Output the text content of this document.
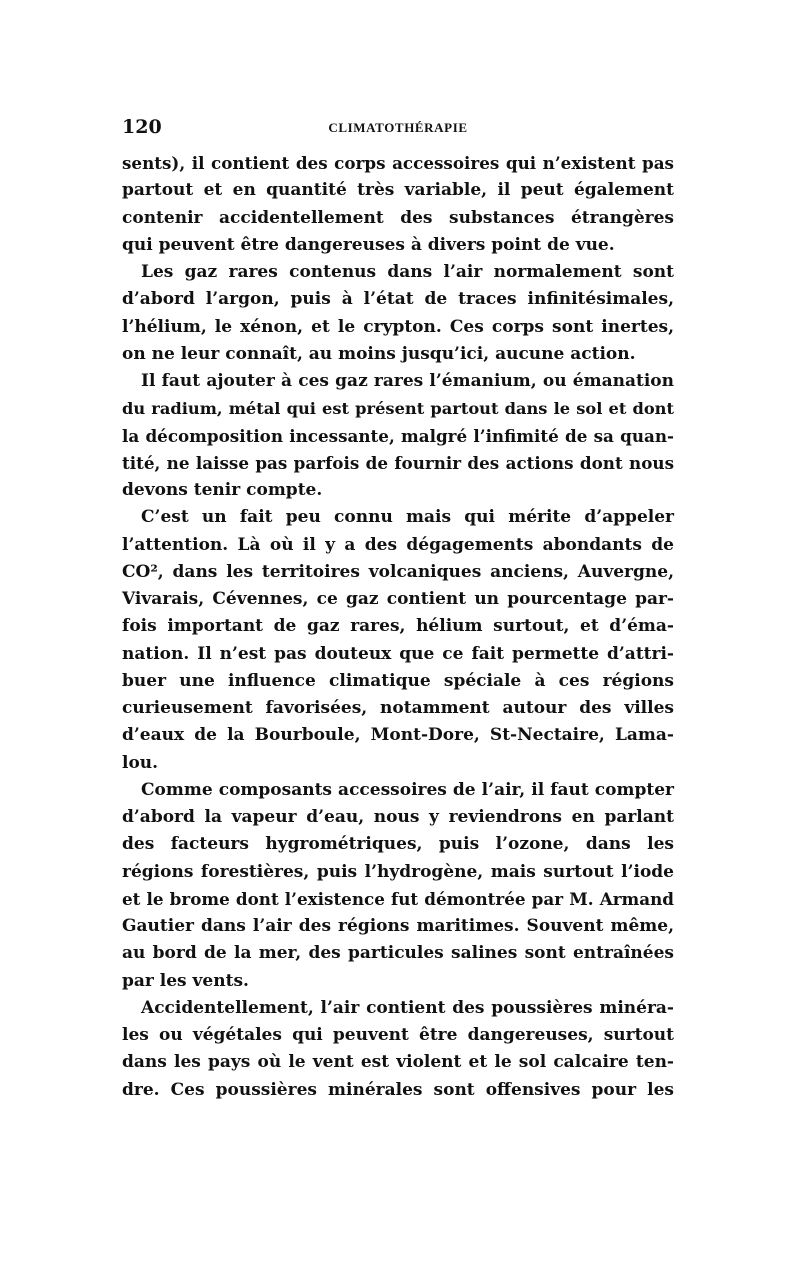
120	CLIMATOTHÉRAPIE

sents), il contient des corps accessoires qui n’existent pas
partout et en quantité très variable, il peut également
contenir accidentellement des substances étrangères
qui peuvent être dangereuses à divers point de vue.

Les gaz rares contenus dans l’air normalement sont
d’abord l’argon, puis à l’état de traces infinitésimales,
l’hélium, le xénon, et le crypton. Ces corps sont inertes,
on ne leur connaît, au moins jusqu’ici, aucune action.

Il faut ajouter à ces gaz rares l’émanium, ou émanation
du radium, métal qui est présent partout dans le sol et dont
la décomposition incessante, malgré l’infimité de sa quan-
tité, ne laisse pas parfois de fournir des actions dont nous
devons tenir compte.

C’est un fait peu connu mais qui mérite d’appeler
l’attention. Là où il y a des dégagements abondants de
CO², dans les territoires volcaniques anciens, Auvergne,
Vivarais, Cévennes, ce gaz contient un pourcentage par-
fois important de gaz rares, hélium surtout, et d’éma-
nation. Il n’est pas douteux que ce fait permette d’attri-
buer une influence climatique spéciale à ces régions
curieusement favorisées, notamment autour des villes
d’eaux de la Bourboule, Mont-Dore, St-Nectaire, Lama-
lou.

Comme composants accessoires de l’air, il faut compter
d’abord la vapeur d’eau, nous y reviendrons en parlant
des facteurs hygrométriques, puis l’ozone, dans les
régions forestières, puis l’hydrogène, mais surtout l’iode
et le brome dont l’existence fut démontrée par M. Armand
Gautier dans l’air des régions maritimes. Souvent même,
au bord de la mer, des particules salines sont entraînées
par les vents.

Accidentellement, l’air contient des poussières minéra-
les ou végétales qui peuvent être dangereuses, surtout
dans les pays où le vent est violent et le sol calcaire ten-
dre. Ces poussières minérales sont offensives pour les
